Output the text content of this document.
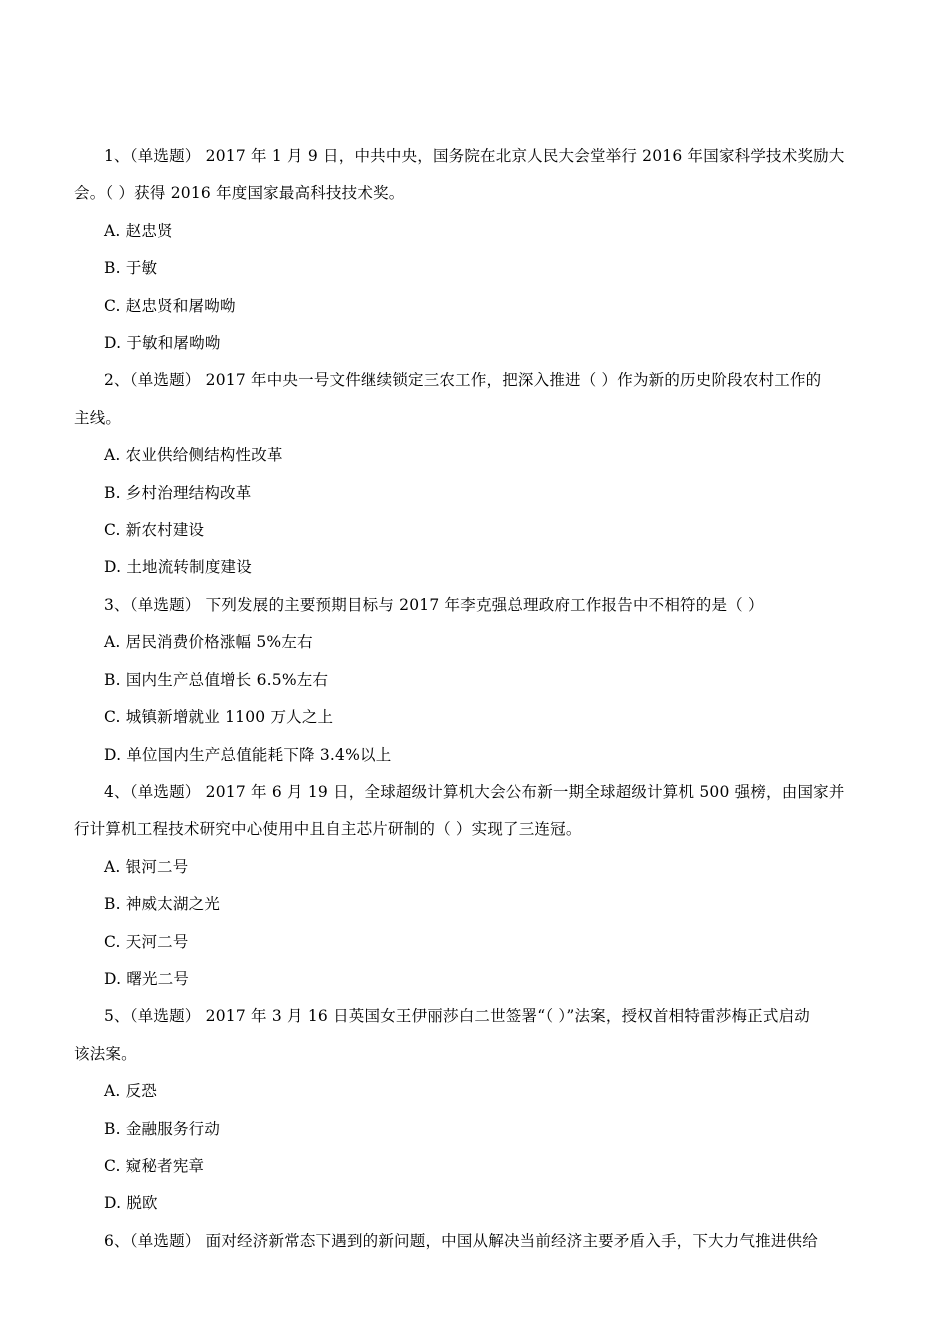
1、（单选题） 2017 年 1 月 9 日，中共中央，国务院在北京人民大会堂举行 2016 年国家科学技术奖励大
会。（ ）获得 2016 年度国家最高科技技术奖。
A. 赵忠贤
B. 于敏
C. 赵忠贤和屠呦呦
D. 于敏和屠呦呦
2、（单选题） 2017 年中央一号文件继续锁定三农工作，把深入推进（ ）作为新的历史阶段农村工作的
主线。
A. 农业供给侧结构性改革
B. 乡村治理结构改革
C. 新农村建设
D. 土地流转制度建设
3、（单选题） 下列发展的主要预期目标与 2017 年李克强总理政府工作报告中不相符的是（ ）
A. 居民消费价格涨幅 5%左右
B. 国内生产总值增长 6.5%左右
C. 城镇新增就业 1100 万人之上
D. 单位国内生产总值能耗下降 3.4%以上
4、（单选题） 2017 年 6 月 19 日，全球超级计算机大会公布新一期全球超级计算机 500 强榜，由国家并
行计算机工程技术研究中心使用中且自主芯片研制的（ ）实现了三连冠。
A. 银河二号
B. 神威太湖之光
C. 天河二号
D. 曙光二号
5、（单选题） 2017 年 3 月 16 日英国女王伊丽莎白二世签署“（ ）”法案，授权首相特雷莎梅正式启动
该法案。
A. 反恐
B. 金融服务行动
C. 窥秘者宪章
D. 脱欧
6、（单选题） 面对经济新常态下遇到的新问题，中国从解决当前经济主要矛盾入手，下大力气推进供给
